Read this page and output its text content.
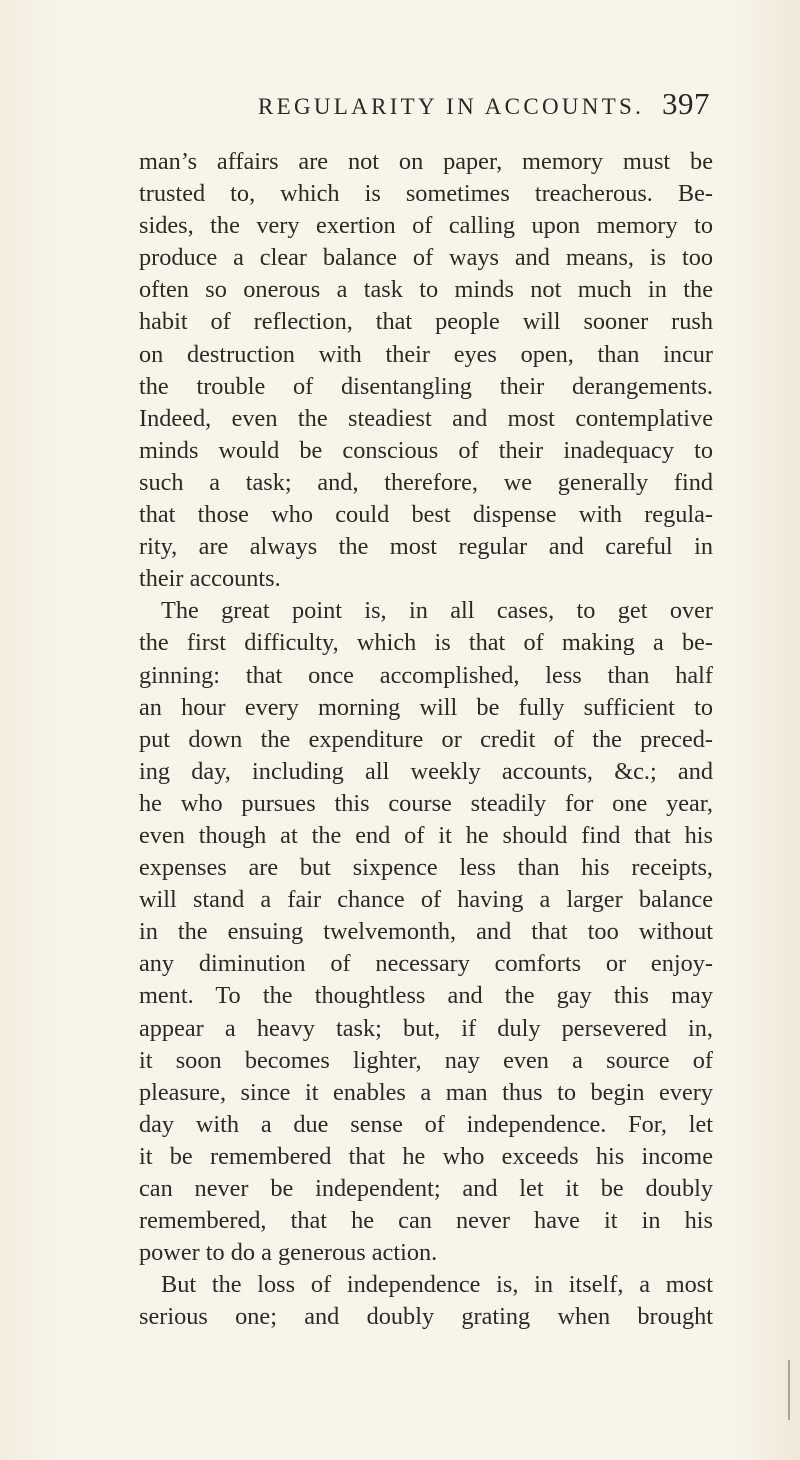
REGULARITY IN ACCOUNTS. 397
man’s affairs are not on paper, memory must be
trusted to, which is sometimes treacherous. Be-
sides, the very exertion of calling upon memory to
produce a clear balance of ways and means, is too
often so onerous a task to minds not much in the
habit of reflection, that people will sooner rush
on destruction with their eyes open, than incur
the trouble of disentangling their derangements.
Indeed, even the steadiest and most contemplative
minds would be conscious of their inadequacy to
such a task; and, therefore, we generally find
that those who could best dispense with regula-
rity, are always the most regular and careful in
their accounts.
The great point is, in all cases, to get over
the first difficulty, which is that of making a be-
ginning: that once accomplished, less than half
an hour every morning will be fully sufficient to
put down the expenditure or credit of the preced-
ing day, including all weekly accounts, &c.; and
he who pursues this course steadily for one year,
even though at the end of it he should find that his
expenses are but sixpence less than his receipts,
will stand a fair chance of having a larger balance
in the ensuing twelvemonth, and that too without
any diminution of necessary comforts or enjoy-
ment. To the thoughtless and the gay this may
appear a heavy task; but, if duly persevered in,
it soon becomes lighter, nay even a source of
pleasure, since it enables a man thus to begin every
day with a due sense of independence. For, let
it be remembered that he who exceeds his income
can never be independent; and let it be doubly
remembered, that he can never have it in his
power to do a generous action.
But the loss of independence is, in itself, a most
serious one; and doubly grating when brought
